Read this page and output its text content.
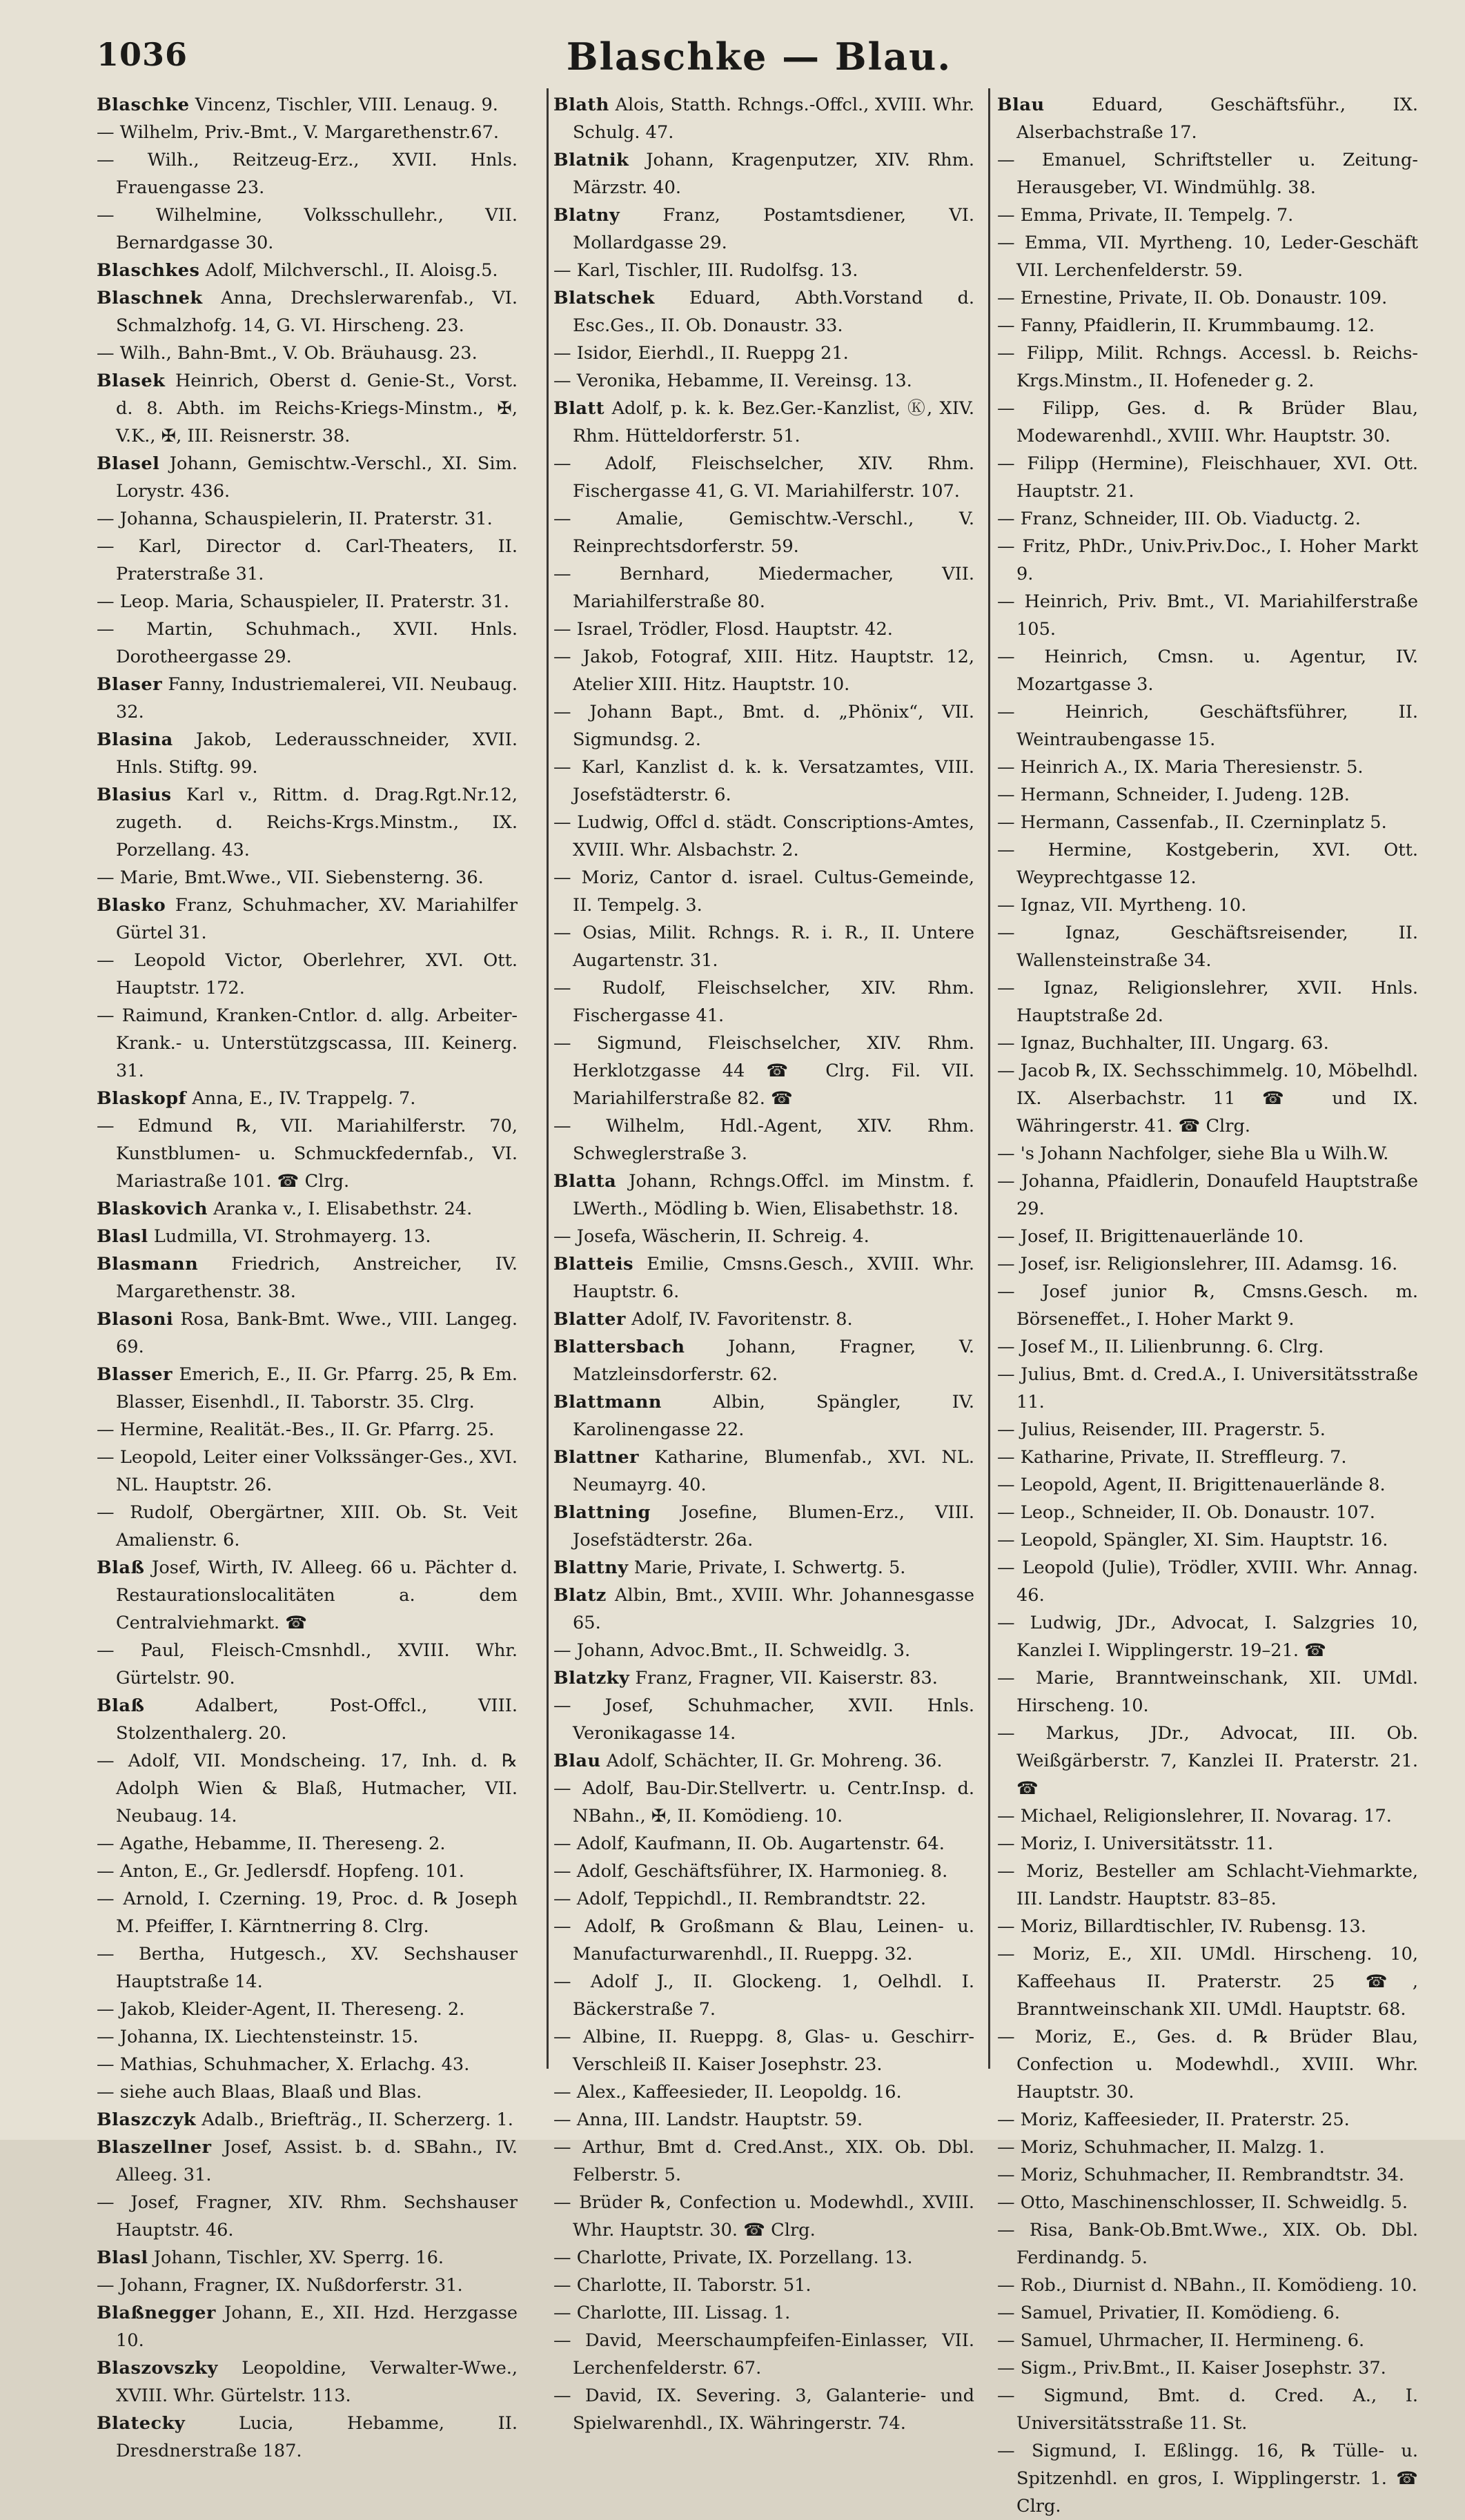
1036	Blaschke — Blau.

Blaschke Vincenz, Tischler, VIII. Lenaug. 9.

— Wilhelm, Priv.-Bmt., V. Margarethenstr.67.

— Wilh., Reitzeug-Erz., XVII. Hnls. Frauengasse 23.

— Wilhelmine, Volksschullehr., VII. Bernardgasse 30.

Blaschkes Adolf, Milchverschl., II. Aloisg.5.

Blaschnek Anna, Drechslerwarenfab., VI. Schmalzhofg. 14, G. VI. Hirscheng. 23.

— Wilh., Bahn-Bmt., V. Ob. Bräuhausg. 23.

Blasek Heinrich, Oberst d. Genie-St., Vorst. d. 8. Abth. im Reichs-Kriegs-Minstm., ✠, V.K., ✠, III. Reisnerstr. 38.

Blasel Johann, Gemischtw.-Verschl., XI. Sim. Lorystr. 436.

— Johanna, Schauspielerin, II. Praterstr. 31.

— Karl, Director d. Carl-Theaters, II. Praterstraße 31.

— Leop. Maria, Schauspieler, II. Praterstr. 31.

— Martin, Schuhmach., XVII. Hnls. Dorotheergasse 29.

Blaser Fanny, Industriemalerei, VII. Neubaug. 32.

Blasina Jakob, Lederausschneider, XVII. Hnls. Stiftg. 99.

Blasius Karl v., Rittm. d. Drag.Rgt.Nr.12, zugeth. d. Reichs-Krgs.Minstm., IX. Porzellang. 43.

— Marie, Bmt.Wwe., VII. Siebensterng. 36.

Blasko Franz, Schuhmacher, XV. Mariahilfer Gürtel 31.

— Leopold Victor, Oberlehrer, XVI. Ott. Hauptstr. 172.

— Raimund, Kranken-Cntlor. d. allg. Arbeiter-Krank.- u. Unterstützgscassa, III. Keinerg. 31.

Blaskopf Anna, E., IV. Trappelg. 7.

— Edmund ℞, VII. Mariahilferstr. 70, Kunstblumen- u. Schmuckfedernfab., VI. Mariastraße 101. ☎ Clrg.

Blaskovich Aranka v., I. Elisabethstr. 24.

Blasl Ludmilla, VI. Strohmayerg. 13.

Blasmann Friedrich, Anstreicher, IV. Margarethenstr. 38.

Blasoni Rosa, Bank-Bmt. Wwe., VIII. Langeg. 69.

Blasser Emerich, E., II. Gr. Pfarrg. 25, ℞ Em. Blasser, Eisenhdl., II. Taborstr. 35. Clrg.

— Hermine, Realität.-Bes., II. Gr. Pfarrg. 25.

— Leopold, Leiter einer Volkssänger-Ges., XVI. NL. Hauptstr. 26.

— Rudolf, Obergärtner, XIII. Ob. St. Veit Amalienstr. 6.

Blaß Josef, Wirth, IV. Alleeg. 66 u. Pächter d. Restaurationslocalitäten a. dem Centralviehmarkt. ☎

— Paul, Fleisch-Cmsnhdl., XVIII. Whr. Gürtelstr. 90.

Blaß	Adalbert, Post-Offcl., VIII. Stolzenthalerg. 20.

— Adolf, VII. Mondscheing. 17, Inh. d. ℞ Adolph Wien & Blaß, Hutmacher, VII. Neubaug. 14.

— Agathe, Hebamme, II. Thereseng. 2.

— Anton, E., Gr. Jedlersdf. Hopfeng. 101.

— Arnold, I. Czerning. 19, Proc. d. ℞ Joseph M. Pfeiffer, I. Kärntnerring 8. Clrg.

— Bertha, Hutgesch., XV. Sechshauser Hauptstraße 14.

— Jakob, Kleider-Agent, II. Thereseng. 2.

— Johanna, IX. Liechtensteinstr. 15.

— Mathias, Schuhmacher, X. Erlachg. 43.

— siehe auch Blaas, Blaaß und Blas.

Blaszczyk Adalb., Briefträg., II. Scherzerg. 1.

Blaszellner Josef, Assist. b. d. SBahn., IV. Alleeg. 31.

— Josef, Fragner, XIV. Rhm. Sechshauser Hauptstr. 46.

Blasl Johann, Tischler, XV. Sperrg. 16.

— Johann, Fragner, IX. Nußdorferstr. 31.

Blaßnegger Johann, E., XII. Hzd. Herzgasse 10.

Blaszovszky Leopoldine, Verwalter-Wwe., XVIII. Whr. Gürtelstr. 113.

Blatecky	Lucia, Hebamme, II. Dresdnerstraße 187.

Blath Alois, Statth. Rchngs.-Offcl., XVIII. Whr. Schulg. 47.

Blatnik Johann, Kragenputzer, XIV. Rhm. Märzstr. 40.

Blatny Franz, Postamtsdiener, VI. Mollardgasse 29.

— Karl, Tischler, III. Rudolfsg. 13.

Blatschek Eduard, Abth.Vorstand d. Esc.Ges., II. Ob. Donaustr. 33.

— Isidor, Eierhdl., II. Rueppg 21.

— Veronika, Hebamme, II. Vereinsg. 13.

Blatt Adolf, p. k. k. Bez.Ger.-Kanzlist, Ⓚ, XIV. Rhm. Hütteldorferstr. 51.

— Adolf, Fleischselcher, XIV. Rhm. Fischergasse 41, G. VI. Mariahilferstr. 107.

— Amalie, Gemischtw.-Verschl., V. Reinprechtsdorferstr. 59.

— Bernhard, Miedermacher, VII. Mariahilferstraße 80.

— Israel, Trödler, Flosd. Hauptstr. 42.

— Jakob, Fotograf, XIII. Hitz. Hauptstr. 12, Atelier XIII. Hitz. Hauptstr. 10.

— Johann Bapt., Bmt. d. „Phönix“, VII. Sigmundsg. 2.

— Karl, Kanzlist d. k. k. Versatzamtes, VIII. Josefstädterstr. 6.

— Ludwig, Offcl d. städt. Conscriptions-Amtes, XVIII. Whr. Alsbachstr. 2.

— Moriz, Cantor d. israel. Cultus-Gemeinde, II. Tempelg. 3.

— Osias, Milit. Rchngs. R. i. R., II. Untere Augartenstr. 31.

— Rudolf, Fleischselcher, XIV. Rhm. Fischergasse 41.

— Sigmund, Fleischselcher, XIV. Rhm. Herklotzgasse 44 ☎ Clrg. Fil. VII. Mariahilferstraße 82. ☎

— Wilhelm, Hdl.-Agent, XIV. Rhm. Schweglerstraße 3.

Blatta Johann, Rchngs.Offcl. im Minstm. f. LWerth., Mödling b. Wien, Elisabethstr. 18.

— Josefa, Wäscherin, II. Schreig. 4.

Blatteis Emilie, Cmsns.Gesch., XVIII. Whr. Hauptstr. 6.

Blatter Adolf, IV. Favoritenstr. 8.

Blattersbach Johann, Fragner, V. Matzleinsdorferstr. 62.

Blattmann	Albin, Spängler, IV. Karolinengasse 22.

Blattner Katharine, Blumenfab., XVI. NL. Neumayrg. 40.

Blattning Josefine, Blumen-Erz., VIII. Josefstädterstr. 26a.

Blattny Marie, Private, I. Schwertg. 5.

Blatz Albin, Bmt., XVIII. Whr. Johannesgasse 65.

— Johann, Advoc.Bmt., II. Schweidlg. 3.

Blatzky Franz, Fragner, VII. Kaiserstr. 83.

— Josef, Schuhmacher, XVII. Hnls. Veronikagasse 14.

Blau Adolf, Schächter, II. Gr. Mohreng. 36.

— Adolf, Bau-Dir.Stellvertr. u. Centr.Insp. d. NBahn., ✠, II. Komödieng. 10.

— Adolf, Kaufmann, II. Ob. Augartenstr. 64.

— Adolf, Geschäftsführer, IX. Harmonieg. 8.

— Adolf, Teppichdl., II. Rembrandtstr. 22.

— Adolf, ℞ Großmann & Blau, Leinen- u. Manufacturwarenhdl., II. Rueppg. 32.

— Adolf J., II. Glockeng. 1, Oelhdl. I. Bäckerstraße 7.

— Albine, II. Rueppg. 8, Glas- u. Geschirr-Verschleiß II. Kaiser Josephstr. 23.

— Alex., Kaffeesieder, II. Leopoldg. 16.

— Anna, III. Landstr. Hauptstr. 59.

— Arthur, Bmt d. Cred.Anst., XIX. Ob. Dbl. Felberstr. 5.

— Brüder ℞, Confection u. Modewhdl., XVIII. Whr. Hauptstr. 30. ☎ Clrg.

— Charlotte, Private, IX. Porzellang. 13.

— Charlotte, II. Taborstr. 51.

— Charlotte, III. Lissag. 1.

— David, Meerschaumpfeifen-Einlasser, VII. Lerchenfelderstr. 67.

— David, IX. Severing. 3, Galanterie- und Spielwarenhdl., IX. Währingerstr. 74.

Blau	Eduard, Geschäftsführ., IX. Alserbachstraße 17.

— Emanuel, Schriftsteller u. Zeitung-Herausgeber, VI. Windmühlg. 38.

— Emma, Private, II. Tempelg. 7.

— Emma, VII. Myrtheng. 10, Leder-Geschäft VII. Lerchenfelderstr. 59.

— Ernestine, Private, II. Ob. Donaustr. 109.

— Fanny, Pfaidlerin, II. Krummbaumg. 12.

— Filipp, Milit. Rchngs. Accessl. b. Reichs-Krgs.Minstm., II. Hofeneder g. 2.

— Filipp, Ges. d. ℞ Brüder Blau, Modewarenhdl., XVIII. Whr. Hauptstr. 30.

— Filipp (Hermine), Fleischhauer, XVI. Ott. Hauptstr. 21.

— Franz, Schneider, III. Ob. Viaductg. 2.

— Fritz, PhDr., Univ.Priv.Doc., I. Hoher Markt 9.

— Heinrich, Priv. Bmt., VI. Mariahilferstraße 105.

— Heinrich, Cmsn. u. Agentur, IV. Mozartgasse 3.

— Heinrich, Geschäftsführer, II. Weintraubengasse 15.

— Heinrich A., IX. Maria Theresienstr. 5.

— Hermann, Schneider, I. Judeng. 12B.

— Hermann, Cassenfab., II. Czerninplatz 5.

— Hermine, Kostgeberin, XVI. Ott. Weyprechtgasse 12.

— Ignaz, VII. Myrtheng. 10.

— Ignaz, Geschäftsreisender, II. Wallensteinstraße 34.

— Ignaz, Religionslehrer, XVII. Hnls. Hauptstraße 2d.

— Ignaz, Buchhalter, III. Ungarg. 63.

— Jacob ℞, IX. Sechsschimmelg. 10, Möbelhdl. IX. Alserbachstr. 11 ☎ und IX. Währingerstr. 41. ☎ Clrg.

— 's Johann Nachfolger, siehe Bla u Wilh.W.

— Johanna, Pfaidlerin, Donaufeld Hauptstraße 29.

— Josef, II. Brigittenauerlände 10.

— Josef, isr. Religionslehrer, III. Adamsg. 16.

— Josef junior ℞, Cmsns.Gesch. m. Börseneffet., I. Hoher Markt 9.

— Josef M., II. Lilienbrunng. 6. Clrg.

— Julius, Bmt. d. Cred.A., I. Universitätsstraße 11.

— Julius, Reisender, III. Pragerstr. 5.

— Katharine, Private, II. Streffleurg. 7.

— Leopold, Agent, II. Brigittenauerlände 8.

— Leop., Schneider, II. Ob. Donaustr. 107.

— Leopold, Spängler, XI. Sim. Hauptstr. 16.

— Leopold (Julie), Trödler, XVIII. Whr. Annag. 46.

— Ludwig, JDr., Advocat, I. Salzgries 10, Kanzlei I. Wipplingerstr. 19–21. ☎

— Marie, Branntweinschank, XII. UMdl. Hirscheng. 10.

— Markus, JDr., Advocat, III. Ob. Weißgärberstr. 7, Kanzlei II. Praterstr. 21. ☎

— Michael, Religionslehrer, II. Novarag. 17.

— Moriz, I. Universitätsstr. 11.

— Moriz, Besteller am Schlacht-Viehmarkte, III. Landstr. Hauptstr. 83–85.

— Moriz, Billardtischler, IV. Rubensg. 13.

— Moriz, E., XII. UMdl. Hirscheng. 10, Kaffeehaus II. Praterstr. 25 ☎, Branntweinschank XII. UMdl. Hauptstr. 68.

— Moriz, E., Ges. d. ℞ Brüder Blau, Confection u. Modewhdl., XVIII. Whr. Hauptstr. 30.

— Moriz, Kaffeesieder, II. Praterstr. 25.

— Moriz, Schuhmacher, II. Malzg. 1.

— Moriz, Schuhmacher, II. Rembrandtstr. 34.

— Otto, Maschinenschlosser, II. Schweidlg. 5.

— Risa, Bank-Ob.Bmt.Wwe., XIX. Ob. Dbl. Ferdinandg. 5.

— Rob., Diurnist d. NBahn., II. Komödieng. 10.

— Samuel, Privatier, II. Komödieng. 6.

— Samuel, Uhrmacher, II. Hermineng. 6.

— Sigm., Priv.Bmt., II. Kaiser Josephstr. 37.

— Sigmund, Bmt. d. Cred. A., I. Universitätsstraße 11. St.

— Sigmund, I. Eßlingg. 16, ℞ Tülle- u. Spitzenhdl. en gros, I. Wipplingerstr. 1. ☎ Clrg.
